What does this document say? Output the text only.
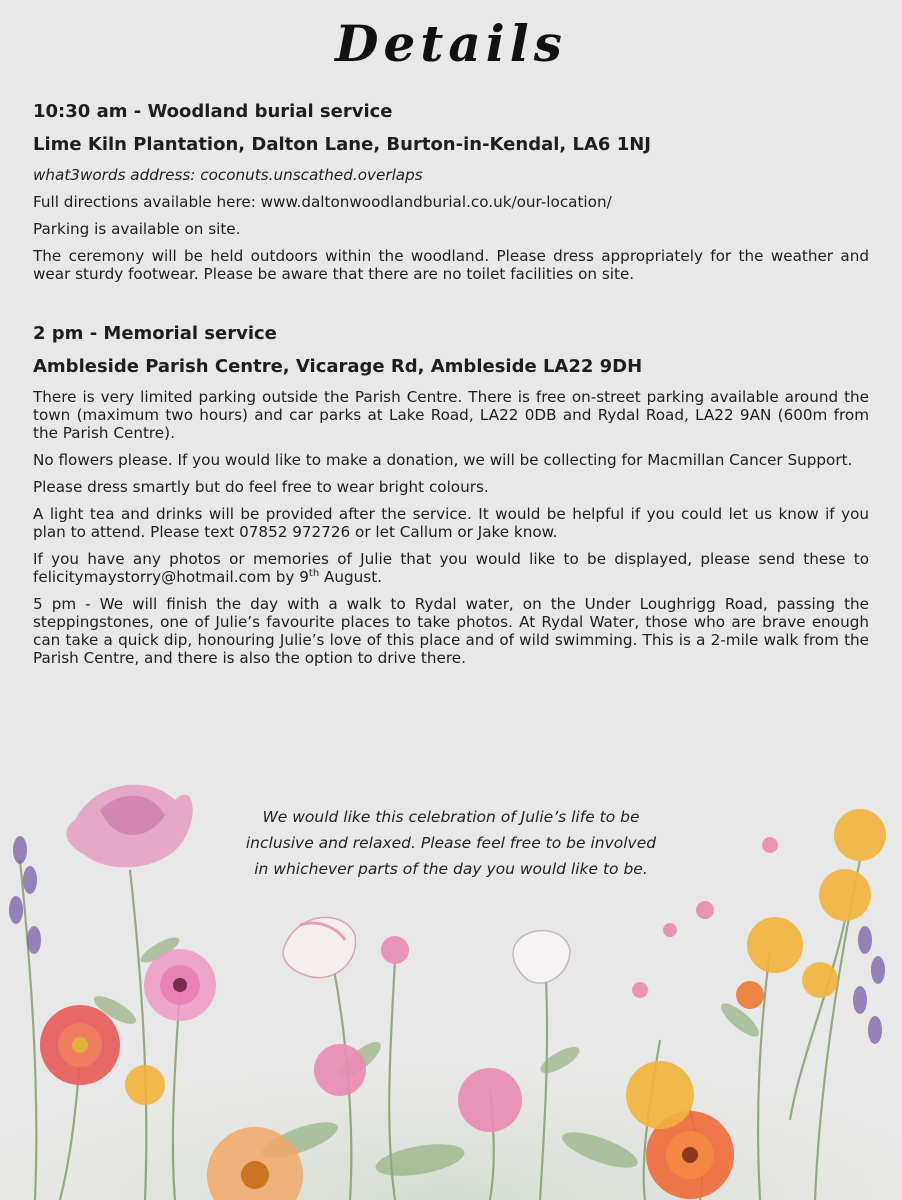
Details
10:30 am - Woodland burial service
Lime Kiln Plantation, Dalton Lane, Burton-in-Kendal, LA6 1NJ
what3words address: coconuts.unscathed.overlaps
Full directions available here: www.daltonwoodlandburial.co.uk/our-location/
Parking is available on site.
The ceremony will be held outdoors within the woodland. Please dress appropriately for the weather and wear sturdy footwear. Please be aware that there are no toilet facilities on site.
2 pm - Memorial service
Ambleside Parish Centre, Vicarage Rd, Ambleside LA22 9DH
There is very limited parking outside the Parish Centre. There is free on-street parking available around the town (maximum two hours) and car parks at Lake Road, LA22 0DB and Rydal Road, LA22 9AN (600m from the Parish Centre).
No flowers please. If you would like to make a donation, we will be collecting for Macmillan Cancer Support.
Please dress smartly but do feel free to wear bright colours.
A light tea and drinks will be provided after the service. It would be helpful if you could let us know if you plan to attend. Please text 07852 972726 or let Callum or Jake know.
If you have any photos or memories of Julie that you would like to be displayed, please send these to felicitymaystorry@hotmail.com by 9th August.
5 pm - We will finish the day with a walk to Rydal water, on the Under Loughrigg Road, passing the steppingstones, one of Julie’s favourite places to take photos. At Rydal Water, those who are brave enough can take a quick dip, honouring Julie’s love of this place and of wild swimming. This is a 2-mile walk from the Parish Centre, and there is also the option to drive there.
We would like this celebration of Julie’s life to be
inclusive and relaxed. Please feel free to be involved
in whichever parts of the day you would like to be.
